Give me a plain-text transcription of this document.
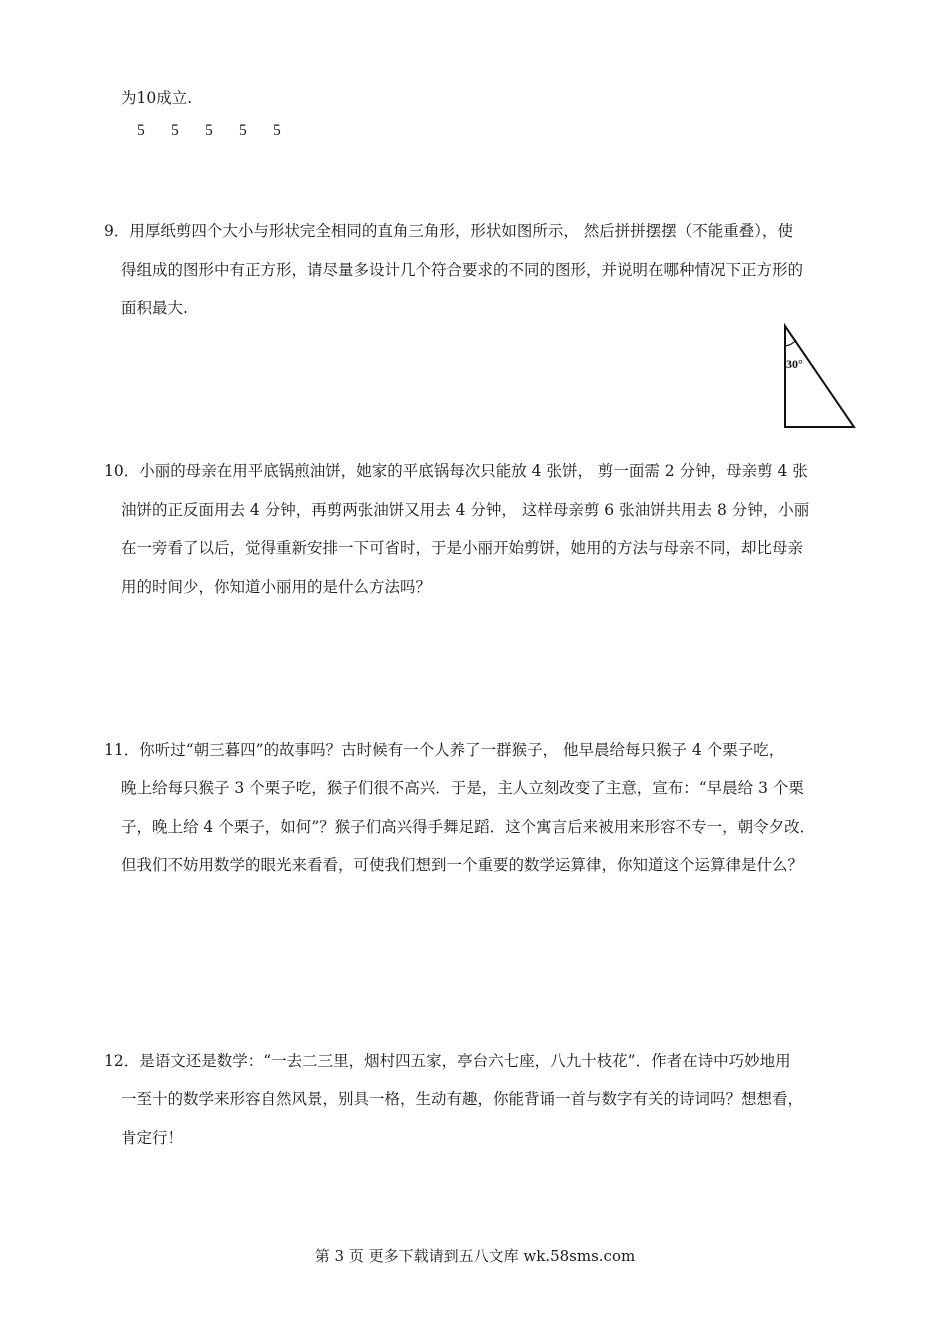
为10成立.

5 5 5 5 5

9．用厚纸剪四个大小与形状完全相同的直角三角形，形状如图所示， 然后拼拼摆摆（不能重叠），使

得组成的图形中有正方形，请尽量多设计几个符合要求的不同的图形，并说明在哪种情况下正方形的

面积最大.

30°

10．小丽的母亲在用平底锅煎油饼，她家的平底锅每次只能放 4 张饼， 剪一面需 2 分钟，母亲剪 4 张

油饼的正反面用去 4 分钟，再剪两张油饼又用去 4 分钟， 这样母亲剪 6 张油饼共用去 8 分钟，小丽

在一旁看了以后，觉得重新安排一下可省时，于是小丽开始剪饼，她用的方法与母亲不同，却比母亲

用的时间少，你知道小丽用的是什么方法吗？

11．你听过“朝三暮四”的故事吗？古时候有一个人养了一群猴子， 他早晨给每只猴子 4 个栗子吃，

晚上给每只猴子 3 个栗子吃，猴子们很不高兴．于是，主人立刻改变了主意，宣布：“早晨给 3 个栗

子，晚上给 4 个栗子，如何”？猴子们高兴得手舞足蹈．这个寓言后来被用来形容不专一，朝令夕改．

但我们不妨用数学的眼光来看看，可使我们想到一个重要的数学运算律，你知道这个运算律是什么？

12．是语文还是数学：“一去二三里，烟村四五家，亭台六七座，八九十枝花”．作者在诗中巧妙地用

一至十的数学来形容自然风景，别具一格，生动有趣，你能背诵一首与数字有关的诗词吗？想想看，

肯定行！

第 3 页 更多下载请到五八文库 wk.58sms.com
